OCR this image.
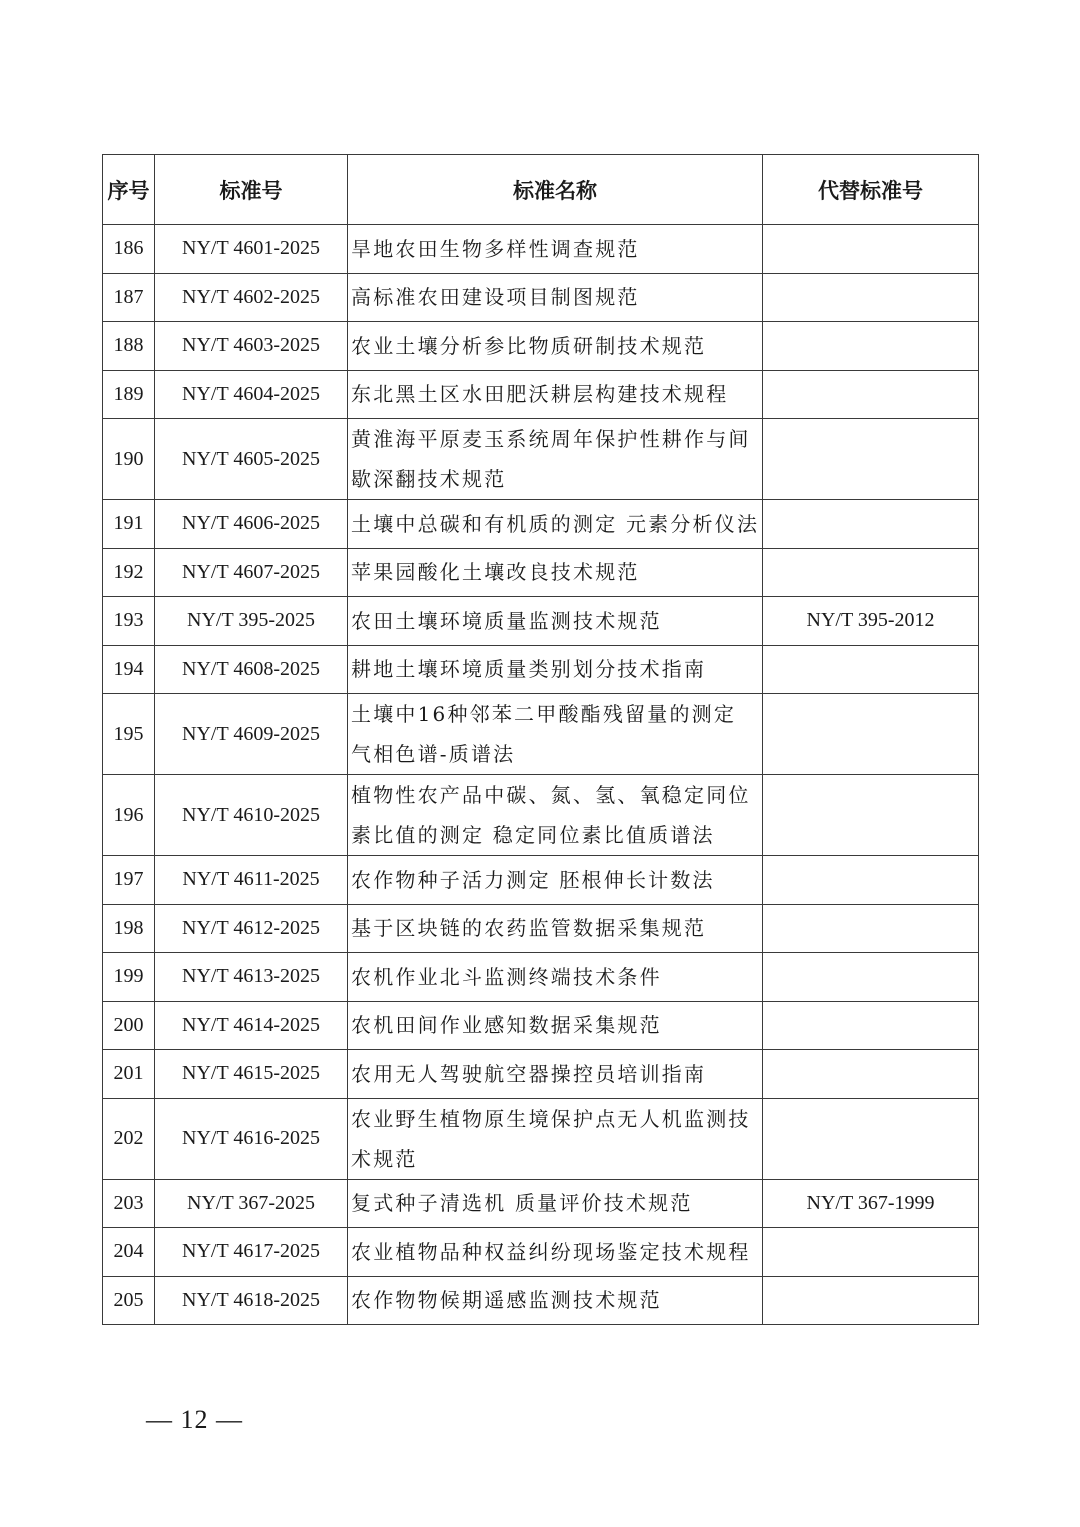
序号	标准号	标准名称	代替标准号
186	NY/T 4601-2025	旱地农田生物多样性调查规范	
187	NY/T 4602-2025	高标准农田建设项目制图规范	
188	NY/T 4603-2025	农业土壤分析参比物质研制技术规范	
189	NY/T 4604-2025	东北黑土区水田肥沃耕层构建技术规程	
190	NY/T 4605-2025	黄淮海平原麦玉系统周年保护性耕作与间歇深翻技术规范	
191	NY/T 4606-2025	土壤中总碳和有机质的测定 元素分析仪法	
192	NY/T 4607-2025	苹果园酸化土壤改良技术规范	
193	NY/T 395-2025	农田土壤环境质量监测技术规范	NY/T 395-2012
194	NY/T 4608-2025	耕地土壤环境质量类别划分技术指南	
195	NY/T 4609-2025	土壤中16种邻苯二甲酸酯残留量的测定 气相色谱-质谱法	
196	NY/T 4610-2025	植物性农产品中碳、氮、氢、氧稳定同位素比值的测定 稳定同位素比值质谱法	
197	NY/T 4611-2025	农作物种子活力测定 胚根伸长计数法	
198	NY/T 4612-2025	基于区块链的农药监管数据采集规范	
199	NY/T 4613-2025	农机作业北斗监测终端技术条件	
200	NY/T 4614-2025	农机田间作业感知数据采集规范	
201	NY/T 4615-2025	农用无人驾驶航空器操控员培训指南	
202	NY/T 4616-2025	农业野生植物原生境保护点无人机监测技术规范	
203	NY/T 367-2025	复式种子清选机 质量评价技术规范	NY/T 367-1999
204	NY/T 4617-2025	农业植物品种权益纠纷现场鉴定技术规程	
205	NY/T 4618-2025	农作物物候期遥感监测技术规范	
— 12 —
